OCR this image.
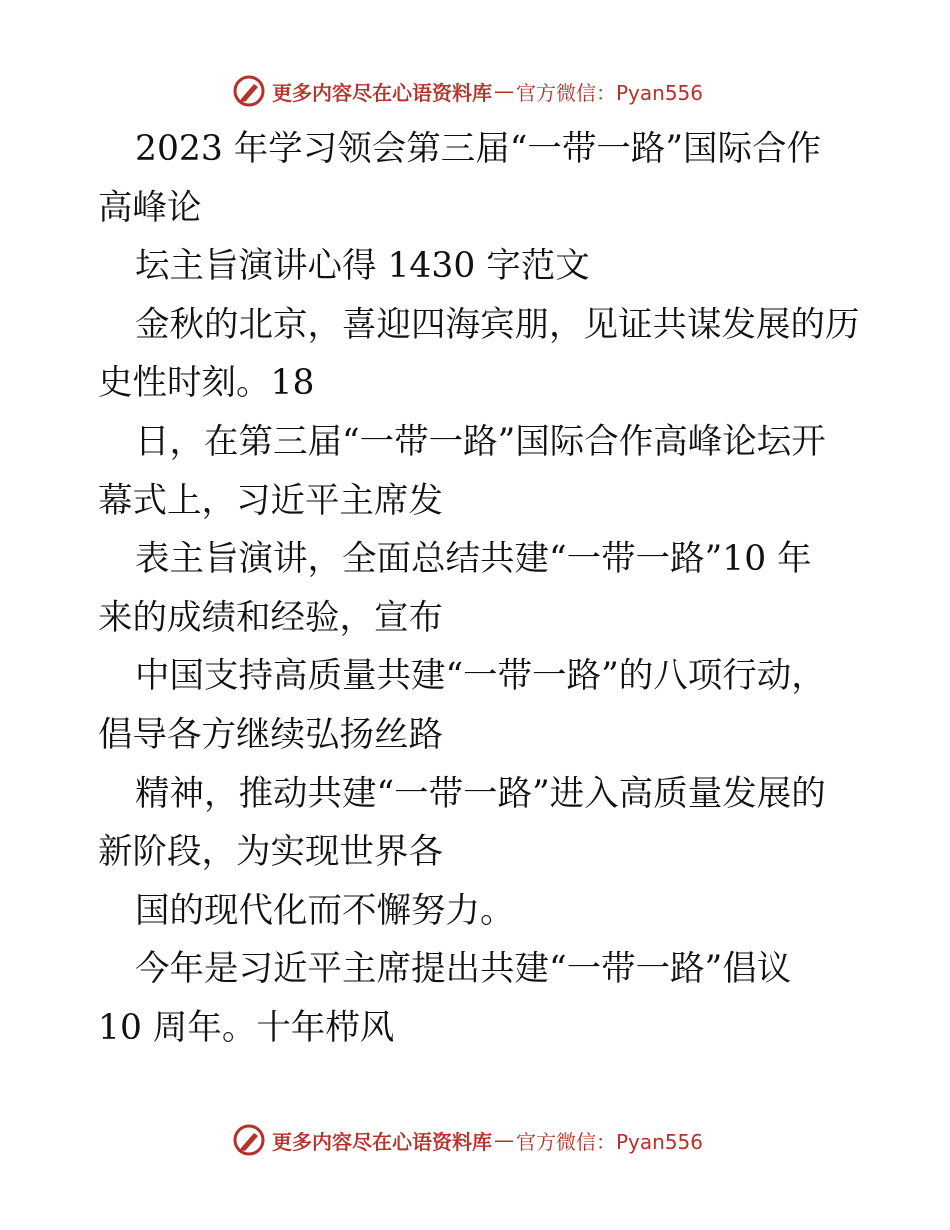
更多内容尽在心语资料库 — 官方微信：Pyan556
2023 年学习领会第三届“一带一路”国际合作
高峰论
坛主旨演讲心得 1430 字范文
金秋的北京，喜迎四海宾朋，见证共谋发展的历
史性时刻。18
日，在第三届“一带一路”国际合作高峰论坛开
幕式上，习近平主席发
表主旨演讲，全面总结共建“一带一路”10 年
来的成绩和经验，宣布
中国支持高质量共建“一带一路”的八项行动，
倡导各方继续弘扬丝路
精神，推动共建“一带一路”进入高质量发展的
新阶段，为实现世界各
国的现代化而不懈努力。
今年是习近平主席提出共建“一带一路”倡议
10 周年。十年栉风
更多内容尽在心语资料库 — 官方微信：Pyan556
